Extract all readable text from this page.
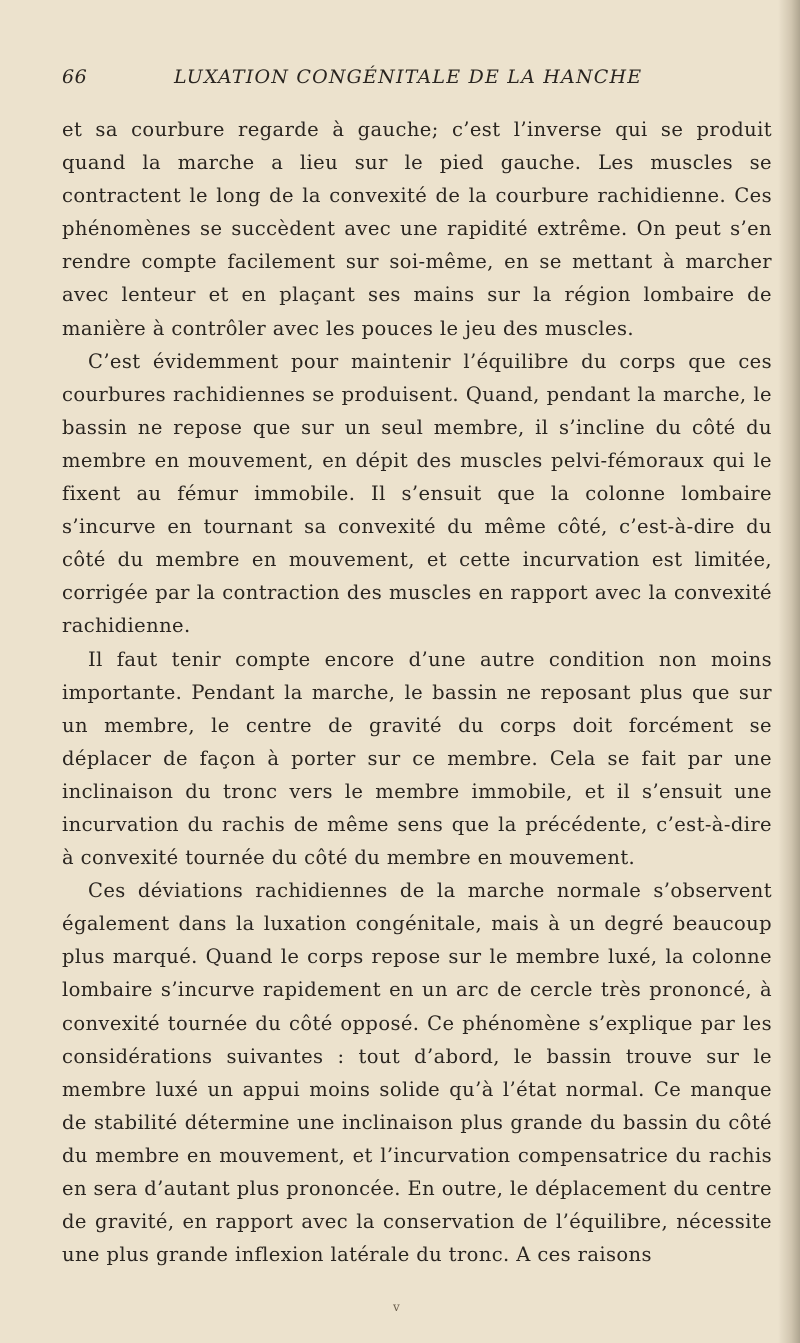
66	LUXATION CONGÉNITALE DE LA HANCHE

et sa courbure regarde à gauche; c’est l’inverse qui se produit quand la marche a lieu sur le pied gauche. Les muscles se contractent le long de la convexité de la courbure rachidienne. Ces phénomènes se succèdent avec une rapidité extrême. On peut s’en rendre compte facilement sur soi-même, en se mettant à marcher avec lenteur et en plaçant ses mains sur la région lombaire de manière à contrôler avec les pouces le jeu des muscles.

C’est évidemment pour maintenir l’équilibre du corps que ces courbures rachidiennes se produisent. Quand, pendant la marche, le bassin ne repose que sur un seul membre, il s’incline du côté du membre en mouvement, en dépit des muscles pelvi-fémoraux qui le fixent au fémur immobile. Il s’ensuit que la colonne lombaire s’incurve en tournant sa convexité du même côté, c’est-à-dire du côté du membre en mouvement, et cette incurvation est limitée, corrigée par la contraction des muscles en rapport avec la convexité rachidienne.

Il faut tenir compte encore d’une autre condition non moins importante. Pendant la marche, le bassin ne reposant plus que sur un membre, le centre de gravité du corps doit forcément se déplacer de façon à porter sur ce membre. Cela se fait par une inclinaison du tronc vers le membre immobile, et il s’ensuit une incurvation du rachis de même sens que la précédente, c’est-à-dire à convexité tournée du côté du membre en mouvement.

Ces déviations rachidiennes de la marche normale s’observent également dans la luxation congénitale, mais à un degré beaucoup plus marqué. Quand le corps repose sur le membre luxé, la colonne lombaire s’incurve rapidement en un arc de cercle très prononcé, à convexité tournée du côté opposé. Ce phénomène s’explique par les considérations suivantes : tout d’abord, le bassin trouve sur le membre luxé un appui moins solide qu’à l’état normal. Ce manque de stabilité détermine une inclinaison plus grande du bassin du côté du membre en mouvement, et l’incurvation compensatrice du rachis en sera d’autant plus prononcée. En outre, le déplacement du centre de gravité, en rapport avec la conservation de l’équilibre, nécessite une plus grande inflexion latérale du tronc. A ces raisons

v
